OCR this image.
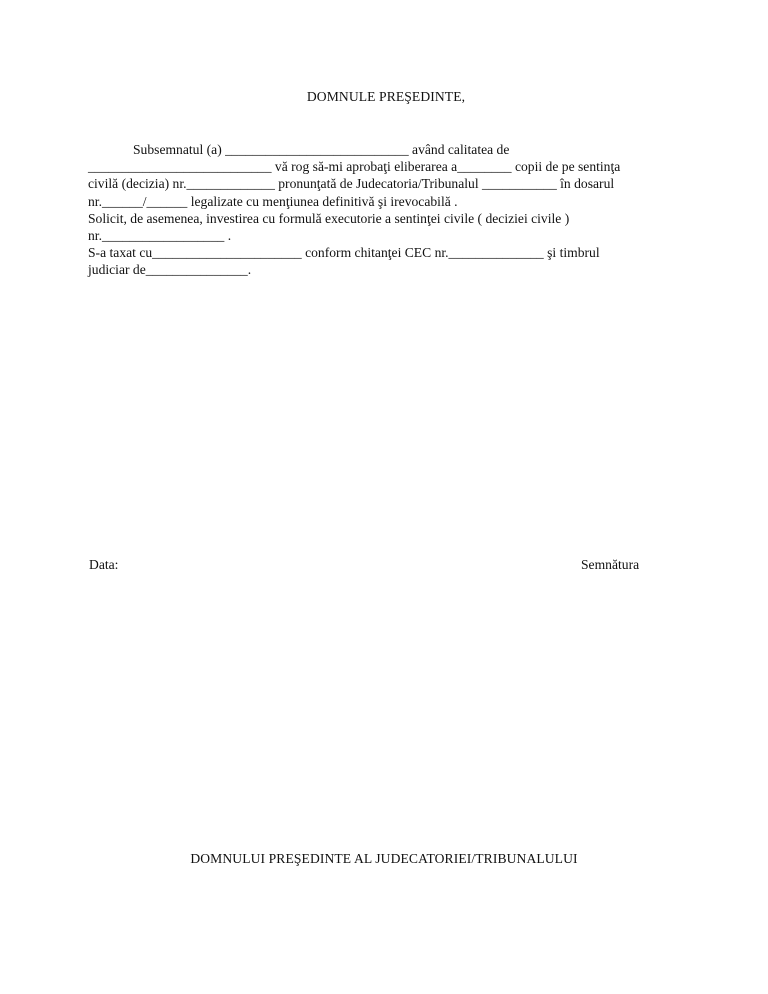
DOMNULE PREŞEDINTE,
Subsemnatul (a) ___________________________ având calitatea de
___________________________ vă rog să-mi aprobaţi eliberarea a________ copii de pe sentinţa
civilă (decizia) nr._____________ pronunţată de Judecatoria/Tribunalul ___________ în dosarul
nr.______/______ legalizate cu menţiunea definitivă şi irevocabilă .
Solicit, de asemenea, investirea cu formulă executorie a sentinţei civile ( deciziei civile )
nr.__________________ .
S-a taxat cu______________________ conform chitanţei CEC nr.______________ şi timbrul
judiciar de_______________.
Data:	Semnătura
DOMNULUI PREŞEDINTE AL JUDECATORIEI/TRIBUNALULUI
